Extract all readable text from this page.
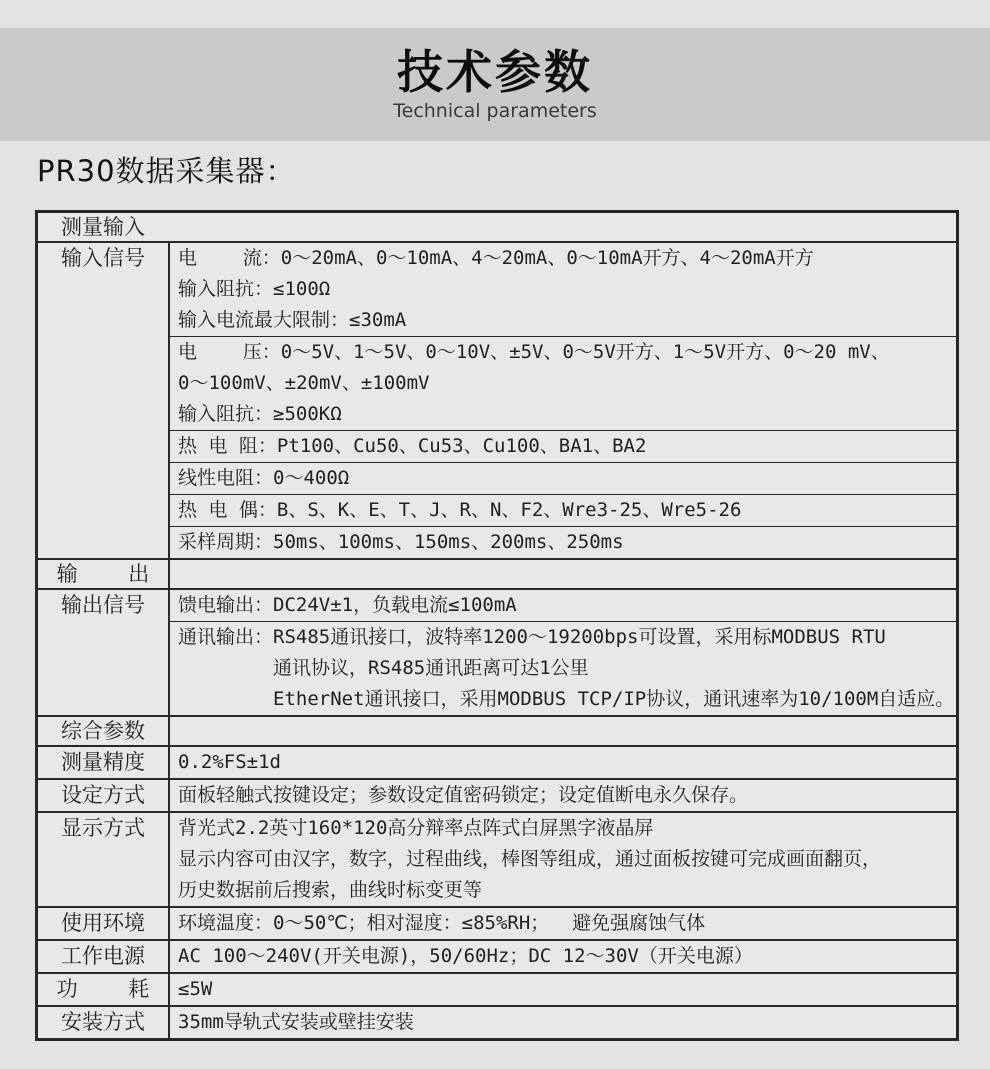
技术参数
Technical parameters
PR30数据采集器：
测量输入
输入信号	电    流：0～20mA、0～10mA、4～20mA、0～10mA开方、4～20mA开方
输入阻抗：≤100Ω
输入电流最大限制：≤30mA
电    压：0～5V、1～5V、0～10V、±5V、0～5V开方、1～5V开方、0～20 mV、
0～100mV、±20mV、±100mV
输入阻抗：≥500KΩ
热 电 阻：Pt100、Cu50、Cu53、Cu100、BA1、BA2
线性电阻：0～400Ω
热 电 偶：B、S、K、E、T、J、R、N、F2、Wre3-25、Wre5-26
采样周期：50ms、100ms、150ms、200ms、250ms
输    出
输出信号	馈电输出：DC24V±1，负载电流≤100mA
通讯输出：RS485通讯接口，波特率1200～19200bps可设置，采用标MODBUS RTU
通讯协议，RS485通讯距离可达1公里
EtherNet通讯接口，采用MODBUS TCP/IP协议，通讯速率为10/100M自适应。
综合参数
测量精度	0.2%FS±1d
设定方式	面板轻触式按键设定；参数设定值密码锁定；设定值断电永久保存。
显示方式	背光式2.2英寸160*120高分辩率点阵式白屏黑字液晶屏
显示内容可由汉字，数字，过程曲线，棒图等组成，通过面板按键可完成画面翻页，
历史数据前后搜索，曲线时标变更等
使用环境	环境温度：0～50℃；相对湿度：≤85%RH；  避免强腐蚀气体
工作电源	AC 100～240V(开关电源)，50/60Hz；DC 12～30V（开关电源）
功    耗	≤5W
安装方式	35mm导轨式安装或壁挂安装
